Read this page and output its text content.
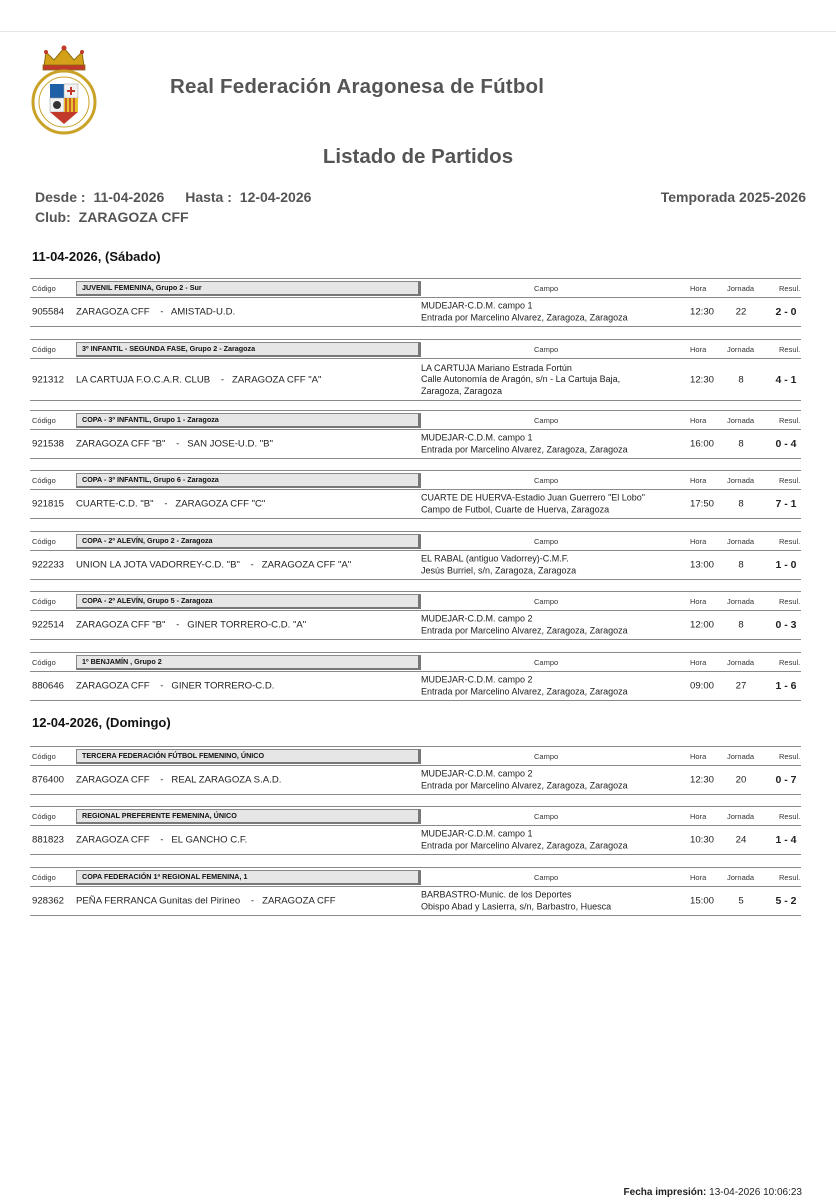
Real Federación Aragonesa de Fútbol
Listado de Partidos
Desde : 11-04-2026 Hasta : 12-04-2026
Club: ZARAGOZA CFF
Temporada 2025-2026
11-04-2026, (Sábado)
Código	JUVENIL FEMENINA, Grupo 2 - Sur	Campo	Hora	Jornada	Resul.
905584 ZARAGOZA CFF    -   AMISTAD-U.D.
MUDEJAR-C.D.M. campo 1
Entrada por Marcelino Alvarez, Zaragoza, Zaragoza	12:30	22	2 - 0
Código	3º INFANTIL - SEGUNDA FASE, Grupo 2 - Zaragoza	Campo	Hora	Jornada	Resul.
921312 LA CARTUJA F.O.C.A.R. CLUB    -   ZARAGOZA CFF "A"
LA CARTUJA Mariano Estrada Fortún
Calle Autonomía de Aragón, s/n - La Cartuja Baja,
Zaragoza, Zaragoza
12:30	8	4 - 1
Código	COPA - 3º INFANTIL, Grupo 1 - Zaragoza	Campo	Hora	Jornada	Resul.
921538 ZARAGOZA CFF "B"    -   SAN JOSE-U.D. "B"
MUDEJAR-C.D.M. campo 1
Entrada por Marcelino Alvarez, Zaragoza, Zaragoza	16:00	8	0 - 4
Código	COPA - 3º INFANTIL, Grupo 6 - Zaragoza	Campo	Hora	Jornada	Resul.
921815 CUARTE-C.D. "B"    -   ZARAGOZA CFF "C"
CUARTE DE HUERVA-Estadio Juan Guerrero "El Lobo"
Campo de Futbol, Cuarte de Huerva, Zaragoza	17:50	8	7 - 1
Código	COPA - 2º ALEVÍN, Grupo 2 - Zaragoza	Campo	Hora	Jornada	Resul.
922233 UNION LA JOTA VADORREY-C.D. "B"    -   ZARAGOZA CFF "A"
EL RABAL (antiguo Vadorrey)-C.M.F.
Jesús Burriel, s/n, Zaragoza, Zaragoza	13:00	8	1 - 0
Código	COPA - 2º ALEVÍN, Grupo 5 - Zaragoza	Campo	Hora	Jornada	Resul.
922514 ZARAGOZA CFF "B"    -   GINER TORRERO-C.D. "A"
MUDEJAR-C.D.M. campo 2
Entrada por Marcelino Alvarez, Zaragoza, Zaragoza	12:00	8	0 - 3
Código	1º BENJAMÍN , Grupo 2	Campo	Hora	Jornada	Resul.
880646 ZARAGOZA CFF    -   GINER TORRERO-C.D.
MUDEJAR-C.D.M. campo 2
Entrada por Marcelino Alvarez, Zaragoza, Zaragoza	09:00	27	1 - 6
12-04-2026, (Domingo)
Código	TERCERA FEDERACIÓN FÚTBOL FEMENINO, ÚNICO	Campo	Hora	Jornada	Resul.
876400 ZARAGOZA CFF    -   REAL ZARAGOZA S.A.D.
MUDEJAR-C.D.M. campo 2
Entrada por Marcelino Alvarez, Zaragoza, Zaragoza	12:30	20	0 - 7
Código	REGIONAL PREFERENTE FEMENINA, ÚNICO	Campo	Hora	Jornada	Resul.
881823 ZARAGOZA CFF    -   EL GANCHO C.F.
MUDEJAR-C.D.M. campo 1
Entrada por Marcelino Alvarez, Zaragoza, Zaragoza	10:30	24	1 - 4
Código	COPA FEDERACIÓN 1ª REGIONAL FEMENINA, 1	Campo	Hora	Jornada	Resul.
928362 PEÑA FERRANCA Gunitas del Pirineo    -   ZARAGOZA CFF
BARBASTRO-Munic. de los Deportes
Obispo Abad y Lasierra, s/n, Barbastro, Huesca	15:00	5	5 - 2
Fecha impresión: 13-04-2026 10:06:23
